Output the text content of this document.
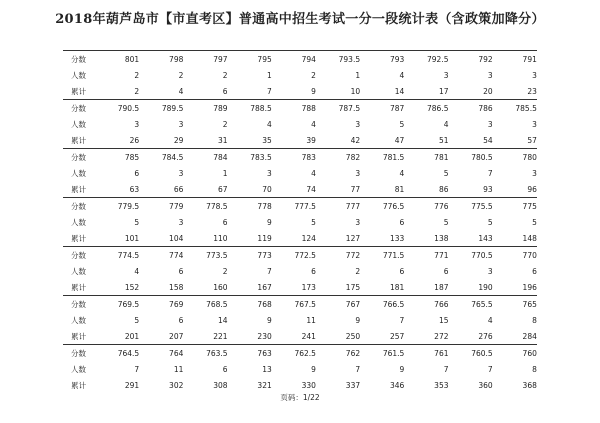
2018年葫芦岛市【市直考区】普通高中招生考试一分一段统计表（含政策加降分）
分数	801	798	797	795	794	793.5	793	792.5	792	791
人数	2	2	2	1	2	1	4	3	3	3
累计	2	4	6	7	9	10	14	17	20	23
分数	790.5	789.5	789	788.5	788	787.5	787	786.5	786	785.5
人数	3	3	2	4	4	3	5	4	3	3
累计	26	29	31	35	39	42	47	51	54	57
分数	785	784.5	784	783.5	783	782	781.5	781	780.5	780
人数	6	3	1	3	4	3	4	5	7	3
累计	63	66	67	70	74	77	81	86	93	96
分数	779.5	779	778.5	778	777.5	777	776.5	776	775.5	775
人数	5	3	6	9	5	3	6	5	5	5
累计	101	104	110	119	124	127	133	138	143	148
分数	774.5	774	773.5	773	772.5	772	771.5	771	770.5	770
人数	4	6	2	7	6	2	6	6	3	6
累计	152	158	160	167	173	175	181	187	190	196
分数	769.5	769	768.5	768	767.5	767	766.5	766	765.5	765
人数	5	6	14	9	11	9	7	15	4	8
累计	201	207	221	230	241	250	257	272	276	284
分数	764.5	764	763.5	763	762.5	762	761.5	761	760.5	760
人数	7	11	6	13	9	7	9	7	7	8
累计	291	302	308	321	330	337	346	353	360	368
页码：1/22
